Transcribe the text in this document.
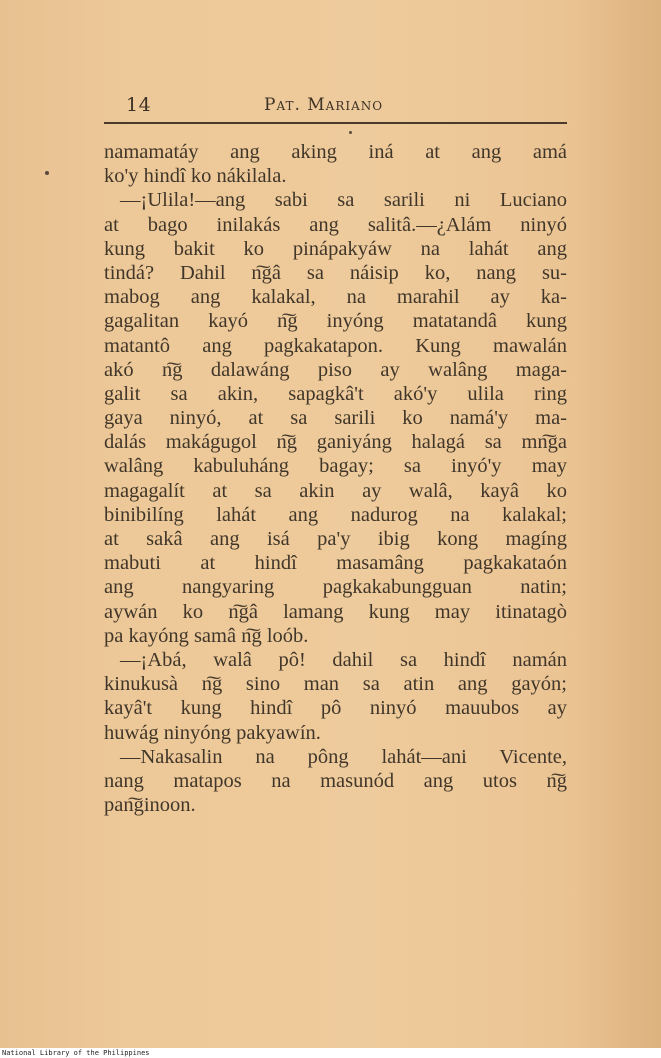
14	Pat. Mariano
namamatáy ang aking iná at ang amá
ko'y hindî ko nákilala.
—¡Ulila!—ang sabi sa sarili ni Luciano
at bago inilakás ang salitâ.—¿Alám ninyó
kung bakit ko pinápakyáw na lahát ang
tindá? Dahil n͠gâ sa náisip ko, nang su-
mabog ang kalakal, na marahil ay ka-
gagalitan kayó n͠g inyóng matatandâ kung
matantô ang pagkakatapon. Kung mawalán
akó n͠g dalawáng piso ay walâng maga-
galit sa akin, sapagkâ't akó'y ulila ring
gaya ninyó, at sa sarili ko namá'y ma-
dalás makágugol n͠g ganiyáng halagá sa mn͠ga
walâng kabuluháng bagay; sa inyó'y may
magagalít at sa akin ay walâ, kayâ ko
binibilíng lahát ang nadurog na kalakal;
at sakâ ang isá pa'y ibig kong magíng
mabuti at hindî masamâng pagkakataón
ang nangyaring pagkakabungguan natin;
aywán ko n͠gâ lamang kung may itinatagò
pa kayóng samâ n͠g loób.
—¡Abá, walâ pô! dahil sa hindî namán
kinukusà n͠g sino man sa atin ang gayón;
kayâ't kung hindî pô ninyó mauubos ay
huwág ninyóng pakyawín.
—Nakasalin na pông lahát—ani Vicente,
nang matapos na masunód ang utos n͠g
pan͠ginoon.
National Library of the Philippines
